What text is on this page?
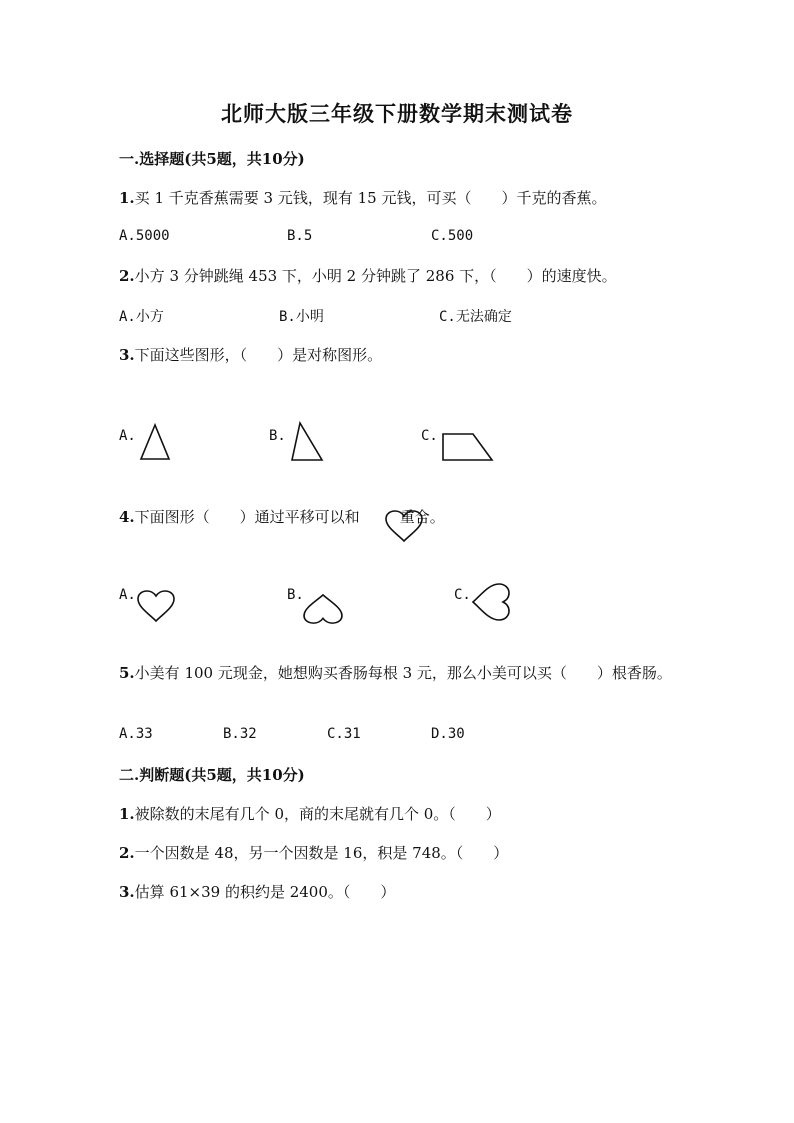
北师大版三年级下册数学期末测试卷
一.选择题(共5题，共10分)
1.买 1 千克香蕉需要 3 元钱，现有 15 元钱，可买（　　）千克的香蕉。
A.5000	B.5	C.500
2.小方 3 分钟跳绳 453 下，小明 2 分钟跳了 286 下，（　　）的速度快。
A.小方	B.小明	C.无法确定
3.下面这些图形，（　　）是对称图形。
A.	B.	C.
4.下面图形（　　）通过平移可以和	重合。
A.	B.	C.
5.小美有 100 元现金，她想购买香肠每根 3 元，那么小美可以买（　　）根香肠。
A.33	B.32	C.31	D.30
二.判断题(共5题，共10分)
1.被除数的末尾有几个 0，商的末尾就有几个 0。（　　）
2.一个因数是 48，另一个因数是 16，积是 748。（　　）
3.估算 61×39 的积约是 2400。（　　）
